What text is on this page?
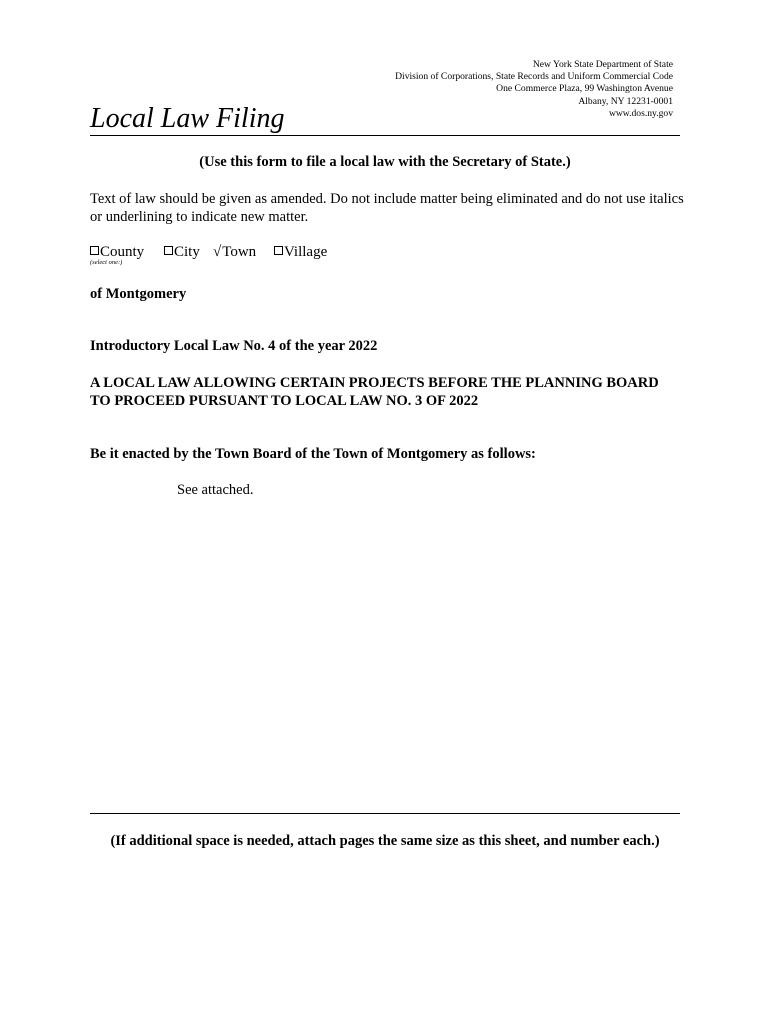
New York State Department of State
Division of Corporations, State Records and Uniform Commercial Code
One Commerce Plaza, 99 Washington Avenue
Albany, NY 12231-0001
www.dos.ny.gov
Local Law Filing
(Use this form to file a local law with the Secretary of State.)
Text of law should be given as amended. Do not include matter being eliminated and do not use italics or underlining to indicate new matter.
County	City √Town	Village
(select one:)
of Montgomery
Introductory Local Law No. 4 of the year 2022
A LOCAL LAW ALLOWING CERTAIN PROJECTS BEFORE THE PLANNING BOARD TO PROCEED PURSUANT TO LOCAL LAW NO. 3 OF 2022
Be it enacted by the Town Board of the Town of Montgomery as follows:
See attached.
(If additional space is needed, attach pages the same size as this sheet, and number each.)
